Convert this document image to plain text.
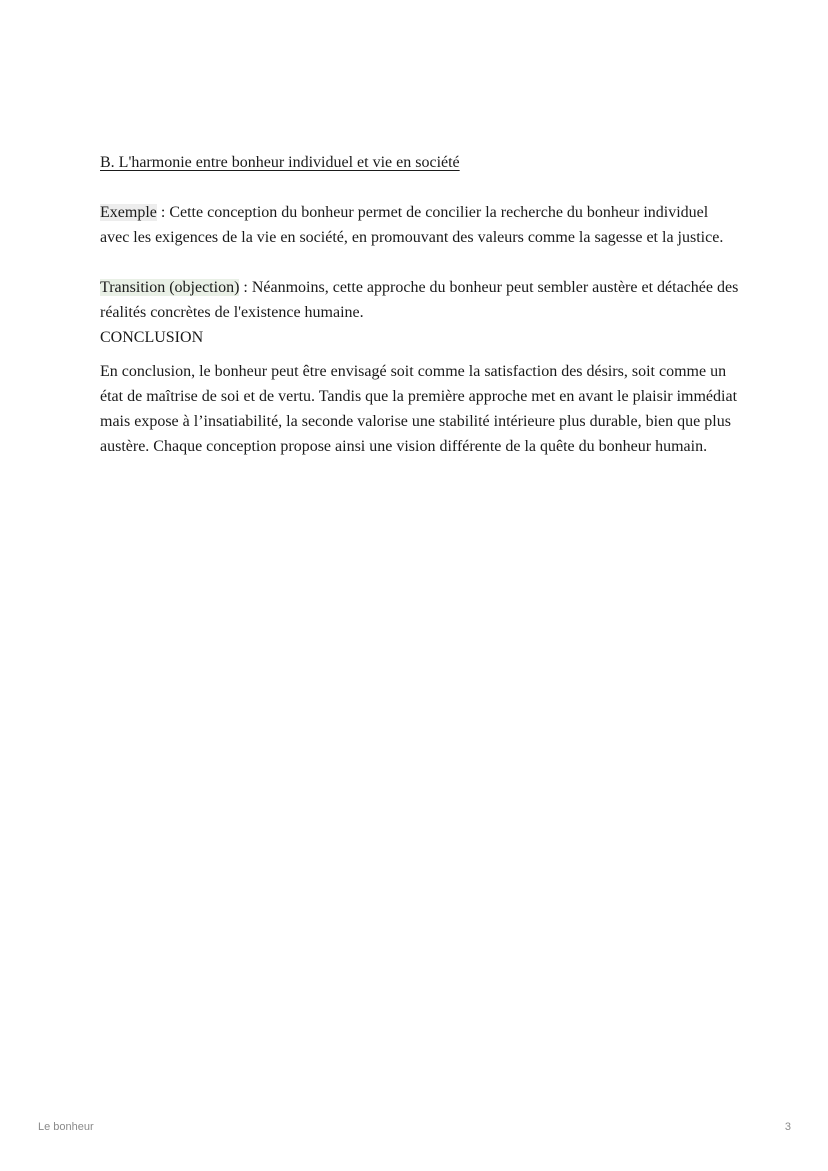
B. L'harmonie entre bonheur individuel et vie en société

Exemple : Cette conception du bonheur permet de concilier la recherche du bonheur individuel avec les exigences de la vie en société, en promouvant des valeurs comme la sagesse et la justice.

Transition (objection) : Néanmoins, cette approche du bonheur peut sembler austère et détachée des réalités concrètes de l'existence humaine.

CONCLUSION

En conclusion, le bonheur peut être envisagé soit comme la satisfaction des désirs, soit comme un état de maîtrise de soi et de vertu. Tandis que la première approche met en avant le plaisir immédiat mais expose à l’insatiabilité, la seconde valorise une stabilité intérieure plus durable, bien que plus austère. Chaque conception propose ainsi une vision différente de la quête du bonheur humain.

Le bonheur	3
